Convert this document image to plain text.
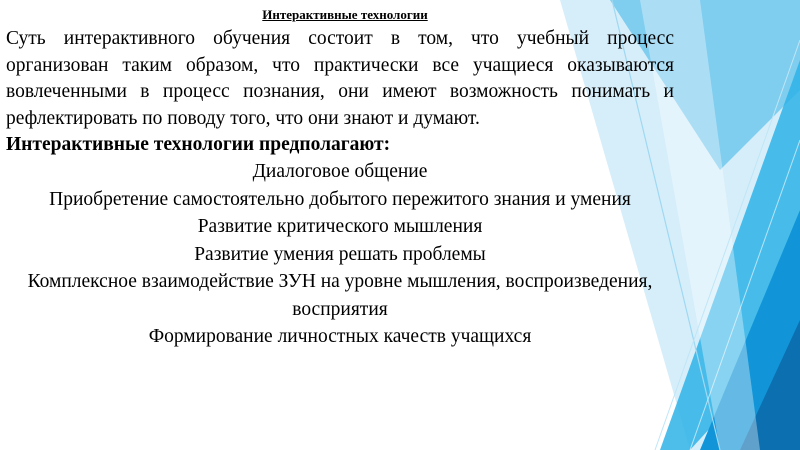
Интерактивные технологии
Суть интерактивного обучения состоит в том, что учебный процесс организован таким образом, что практически все учащиеся оказываются вовлеченными в процесс познания, они имеют возможность понимать и рефлектировать по поводу того, что они знают и думают.

Интерактивные технологии предполагают:

Диалоговое общение
Приобретение самостоятельно добытого пережитого знания и умения
Развитие критического мышления
Развитие умения решать проблемы
Комплексное взаимодействие ЗУН на уровне мышления, воспроизведения, восприятия
Формирование личностных качеств учащихся
